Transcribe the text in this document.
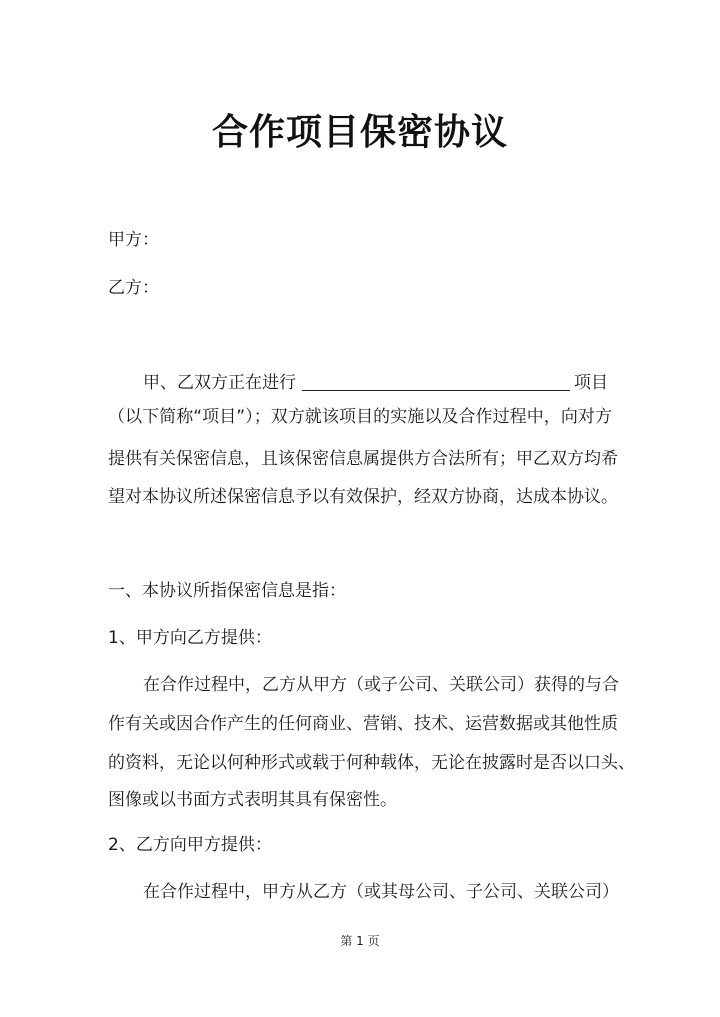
合作项目保密协议
甲方：
乙方：
甲、乙双方正在进行	项目
（以下简称“项目”）；双方就该项目的实施以及合作过程中，向对方
提供有关保密信息，且该保密信息属提供方合法所有；甲乙双方均希
望对本协议所述保密信息予以有效保护，经双方协商，达成本协议。
一、本协议所指保密信息是指：
1、甲方向乙方提供：
在合作过程中，乙方从甲方（或子公司、关联公司）获得的与合
作有关或因合作产生的任何商业、营销、技术、运营数据或其他性质
的资料，无论以何种形式或载于何种载体，无论在披露时是否以口头、
图像或以书面方式表明其具有保密性。
2、乙方向甲方提供：
在合作过程中，甲方从乙方（或其母公司、子公司、关联公司）
第 1 页
